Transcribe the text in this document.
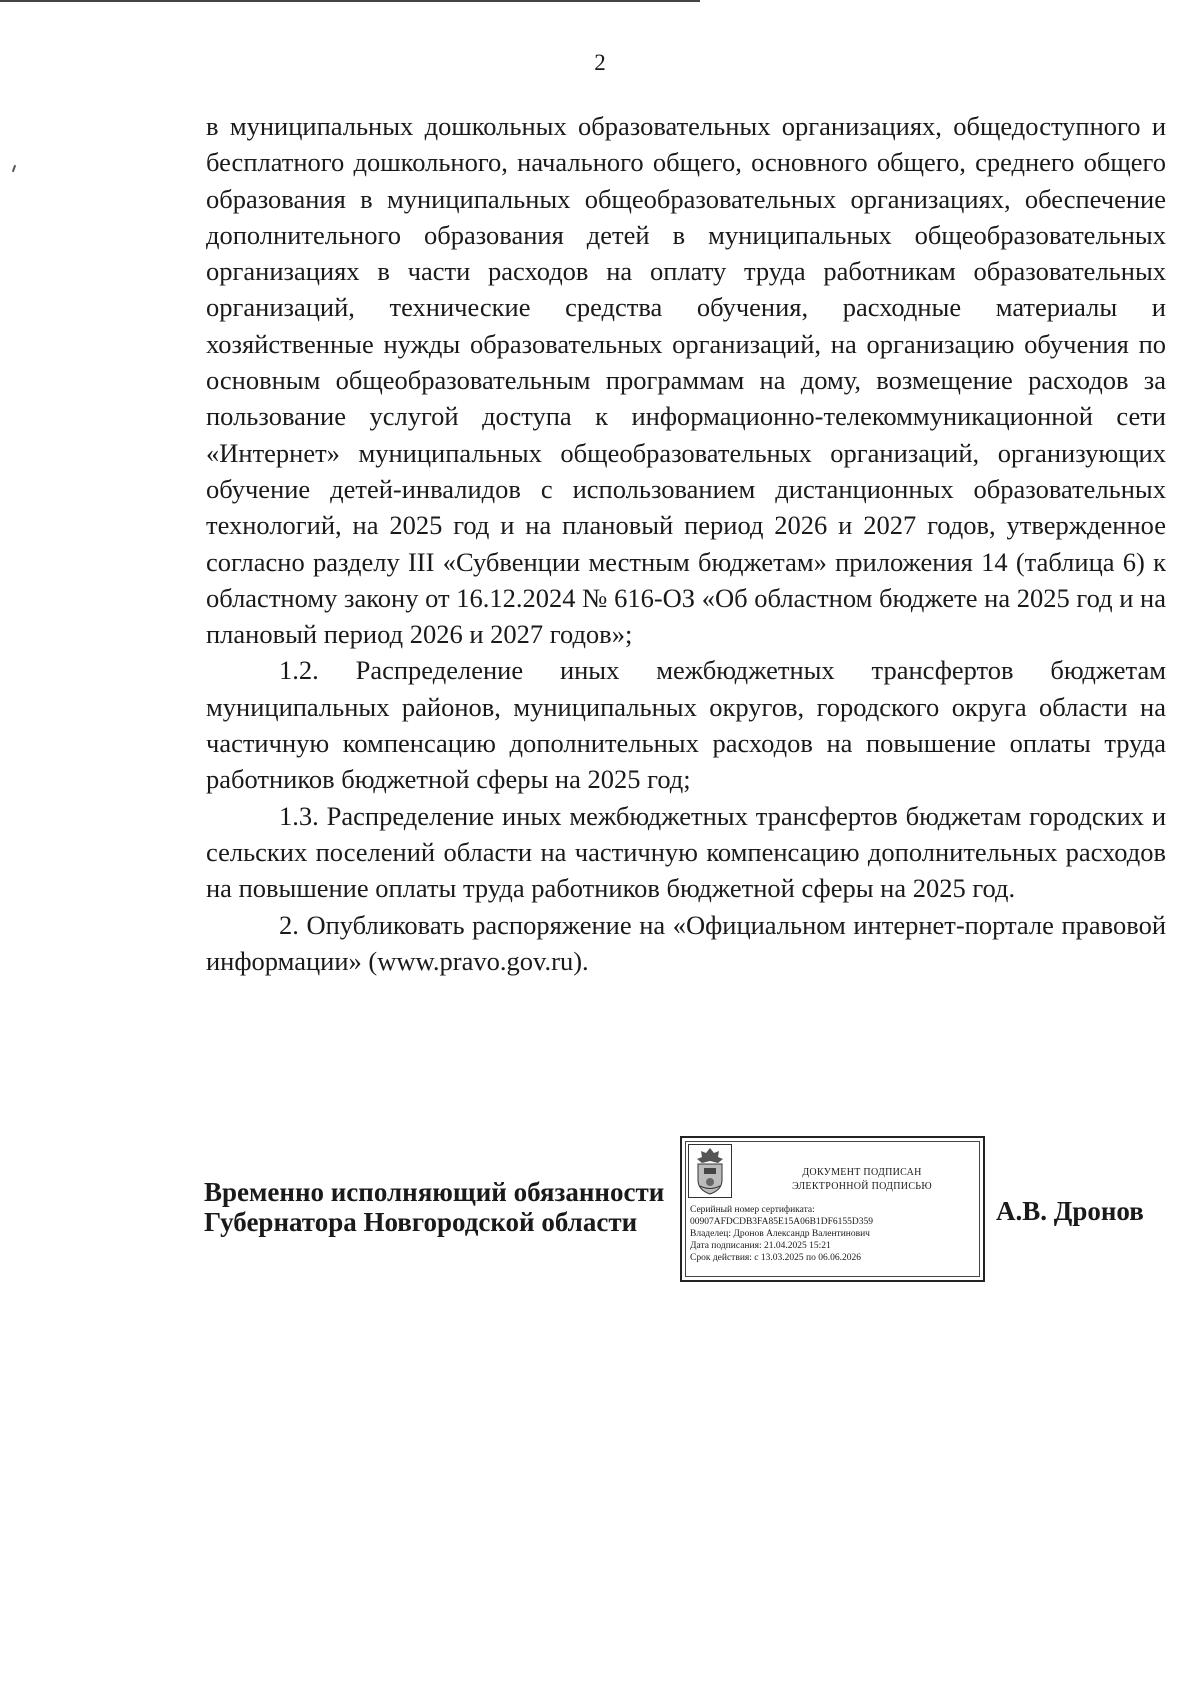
2

в муниципальных дошкольных образовательных организациях, общедоступного и бесплатного дошкольного, начального общего, основного общего, среднего общего образования в муниципальных общеобразовательных организациях, обеспечение дополнительного образования детей в муниципальных общеобразовательных организациях в части расходов на оплату труда работникам образовательных организаций, технические средства обучения, расходные материалы и хозяйственные нужды образовательных организаций, на организацию обучения по основным общеобразовательным программам на дому, возмещение расходов за пользование услугой доступа к информационно-телекоммуникационной сети «Интернет» муниципальных общеобразовательных организаций, организующих обучение детей-инвалидов с использованием дистанционных образовательных технологий, на 2025 год и на плановый период 2026 и 2027 годов, утвержденное согласно разделу III «Субвенции местным бюджетам» приложения 14 (таблица 6) к областному закону от 16.12.2024 № 616-ОЗ «Об областном бюджете на 2025 год и на плановый период 2026 и 2027 годов»;

1.2. Распределение иных межбюджетных трансфертов бюджетам муниципальных районов, муниципальных округов, городского округа области на частичную компенсацию дополнительных расходов на повышение оплаты труда работников бюджетной сферы на 2025 год;

1.3. Распределение иных межбюджетных трансфертов бюджетам городских и сельских поселений области на частичную компенсацию дополнительных расходов на повышение оплаты труда работников бюджетной сферы на 2025 год.

2. Опубликовать распоряжение на «Официальном интернет-портале правовой информации» (www.pravo.gov.ru).

Временно исполняющий обязанности
Губернатора Новгородской области
ДОКУМЕНТ ПОДПИСАН
ЭЛЕКТРОННОЙ ПОДПИСЬЮ
Серийный номер сертификата:
00907AFDCDB3FA85E15A06B1DF6155D359
Владелец: Дронов Александр Валентинович
Дата подписания: 21.04.2025 15:21
Срок действия: с 13.03.2025 по 06.06.2026
А.В. Дронов
